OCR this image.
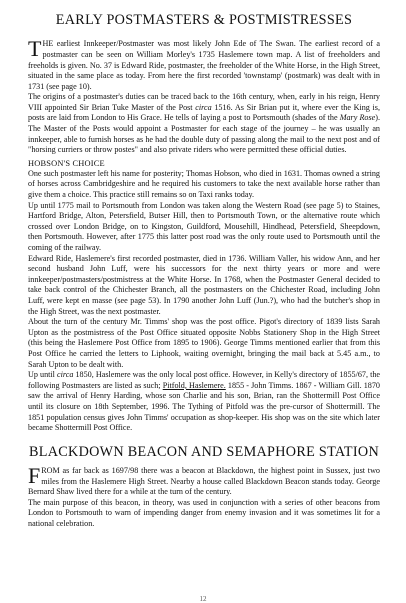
EARLY POSTMASTERS & POSTMISTRESSES

THE earliest Innkeeper/Postmaster was most likely John Ede of The Swan. The earliest record of a postmaster can be seen on William Morley's 1735 Haslemere town map. A list of freeholders and freeholds is given. No. 37 is Edward Ride, postmaster, the freeholder of the White Horse, in the High Street, situated in the same place as today. From here the first recorded 'townstamp' (postmark) was dealt with in 1731 (see page 10).

The origins of a postmaster's duties can be traced back to the 16th century, when, early in his reign, Henry VIII appointed Sir Brian Tuke Master of the Post circa 1516. As Sir Brian put it, where ever the King is, posts are laid from London to His Grace. He tells of laying a post to Portsmouth (shades of the Mary Rose). The Master of the Posts would appoint a Postmaster for each stage of the journey – he was usually an innkeeper, able to furnish horses as he had the double duty of passing along the mail to the next post and of "horsing curriers or throw postes" and also private riders who were permitted these official duties.

HOBSON'S CHOICE

One such postmaster left his name for posterity; Thomas Hobson, who died in 1631. Thomas owned a string of horses across Cambridgeshire and he required his customers to take the next available horse rather than give them a choice. This practice still remains so on Taxi ranks today.

Up until 1775 mail to Portsmouth from London was taken along the Western Road (see page 5) to Staines, Hartford Bridge, Alton, Petersfield, Butser Hill, then to Portsmouth Town, or the alternative route which crossed over London Bridge, on to Kingston, Guildford, Mousehill, Hindhead, Petersfield, Sheepdown, then Portsmouth. However, after 1775 this latter post road was the only route used to Portsmouth until the coming of the railway.

Edward Ride, Haslemere's first recorded postmaster, died in 1736. William Valler, his widow Ann, and her second husband John Luff, were his successors for the next thirty years or more and were innkeeper/postmasters/postmistress at the White Horse. In 1768, when the Postmaster General decided to take back control of the Chichester Branch, all the postmasters on the Chichester Road, including John Luff, were kept en masse (see page 53). In 1790 another John Luff (Jun.?), who had the butcher's shop in the High Street, was the next postmaster.

About the turn of the century Mr. Timms' shop was the post office. Pigot's directory of 1839 lists Sarah Upton as the postmistress of the Post Office situated opposite Nobbs Stationery Shop in the High Street (this being the Haslemere Post Office from 1895 to 1906). George Timms mentioned earlier that from this Post Office he carried the letters to Liphook, waiting overnight, bringing the mail back at 5.45 a.m., to Sarah Upton to be dealt with.

Up until circa 1850, Haslemere was the only local post office. However, in Kelly's directory of 1855/67, the following Postmasters are listed as such; Pitfold, Haslemere. 1855 - John Timms. 1867 - William Gill. 1870 saw the arrival of Henry Harding, whose son Charlie and his son, Brian, ran the Shottermill Post Office until its closure on 18th September, 1996. The Tything of Pitfold was the pre-cursor of Shottermill. The 1851 population census gives John Timms' occupation as shop-keeper. His shop was on the site which later became Shottermill Post Office.

BLACKDOWN BEACON AND SEMAPHORE STATION

FROM as far back as 1697/98 there was a beacon at Blackdown, the highest point in Sussex, just two miles from the Haslemere High Street. Nearby a house called Blackdown Beacon stands today. George Bernard Shaw lived there for a while at the turn of the century.

The main purpose of this beacon, in theory, was used in conjunction with a series of other beacons from London to Portsmouth to warn of impending danger from enemy invasion and it was sometimes lit for a national celebration.

12
